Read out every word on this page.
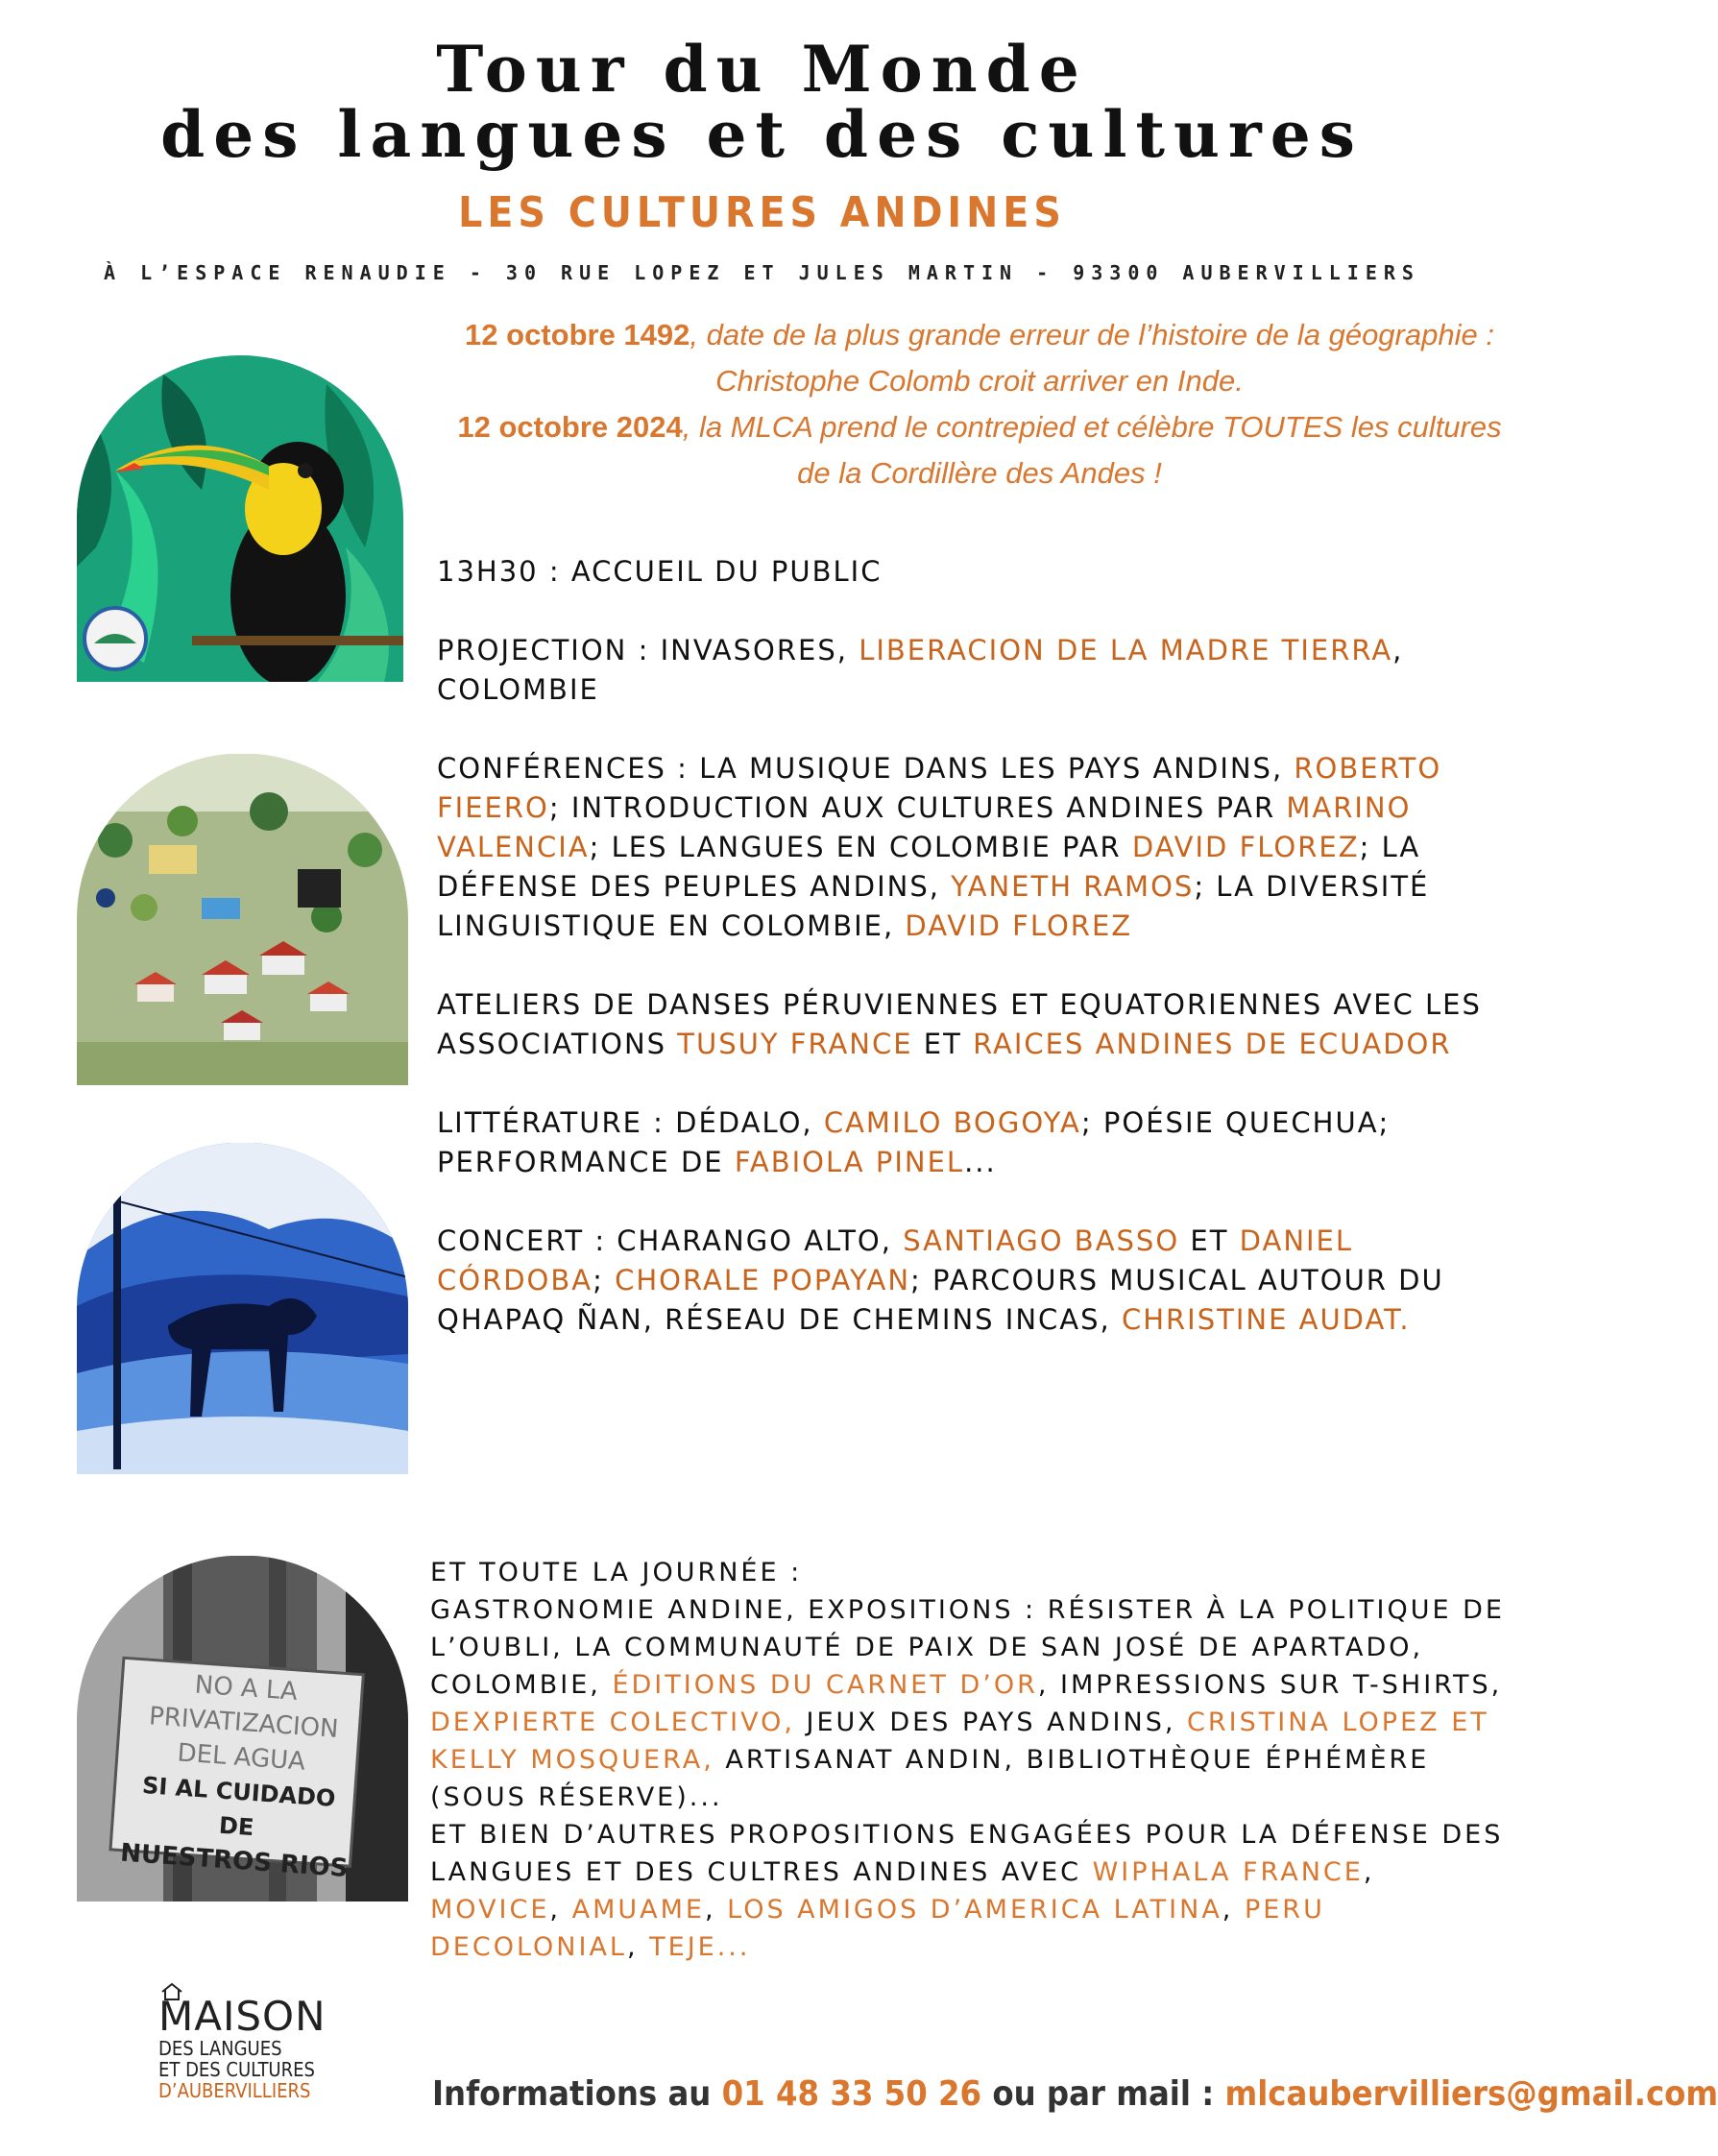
Tour du Monde
des langues et des cultures
LES CULTURES ANDINES
À L’ESPACE RENAUDIE - 30 RUE LOPEZ ET JULES MARTIN - 93300 AUBERVILLIERS
12 octobre 1492, date de la plus grande erreur de l’histoire de la géographie : Christophe Colomb croit arriver en Inde.
12 octobre 2024, la MLCA prend le contrepied et célèbre TOUTES les cultures de la Cordillère des Andes !
NO A LA
PRIVATIZACION
DEL AGUA
SI AL CUIDADO DE
NUESTROS RIOS

13H30 : ACCUEIL DU PUBLIC

PROJECTION : INVASORES, LIBERACION DE LA MADRE TIERRA, COLOMBIE

CONFÉRENCES : LA MUSIQUE DANS LES PAYS ANDINS, ROBERTO FIEERO; INTRODUCTION AUX CULTURES ANDINES PAR MARINO VALENCIA; LES LANGUES EN COLOMBIE PAR DAVID FLOREZ; LA DÉFENSE DES PEUPLES ANDINS, YANETH RAMOS; LA DIVERSITÉ LINGUISTIQUE EN COLOMBIE, DAVID FLOREZ

ATELIERS DE DANSES PÉRUVIENNES ET EQUATORIENNES AVEC LES ASSOCIATIONS TUSUY FRANCE ET RAICES ANDINES DE ECUADOR

LITTÉRATURE : DÉDALO, CAMILO BOGOYA; POÉSIE QUECHUA; PERFORMANCE DE FABIOLA PINEL...

CONCERT : CHARANGO ALTO, SANTIAGO BASSO ET DANIEL CÓRDOBA; CHORALE POPAYAN; PARCOURS MUSICAL AUTOUR DU QHAPAQ ÑAN, RÉSEAU DE CHEMINS INCAS, CHRISTINE AUDAT.

ET TOUTE LA JOURNÉE :
GASTRONOMIE ANDINE, EXPOSITIONS : RÉSISTER À LA POLITIQUE DE L’OUBLI, LA COMMUNAUTÉ DE PAIX DE SAN JOSÉ DE APARTADO, COLOMBIE, ÉDITIONS DU CARNET D’OR, IMPRESSIONS SUR T-SHIRTS, DEXPIERTE COLECTIVO, JEUX DES PAYS ANDINS, CRISTINA LOPEZ ET KELLY MOSQUERA, ARTISANAT ANDIN, BIBLIOTHÈQUE ÉPHÉMÈRE (SOUS RÉSERVE)...
ET BIEN D’AUTRES PROPOSITIONS ENGAGÉES POUR LA DÉFENSE DES LANGUES ET DES CULTRES ANDINES AVEC WIPHALA FRANCE, MOVICE, AMUAME, LOS AMIGOS D’AMERICA LATINA, PERU DECOLONIAL, TEJE...
MAISON
DES LANGUES
ET DES CULTURES
D’AUBERVILLIERS	Informations au 01 48 33 50 26 ou par mail : mlcaubervilliers@gmail.com
